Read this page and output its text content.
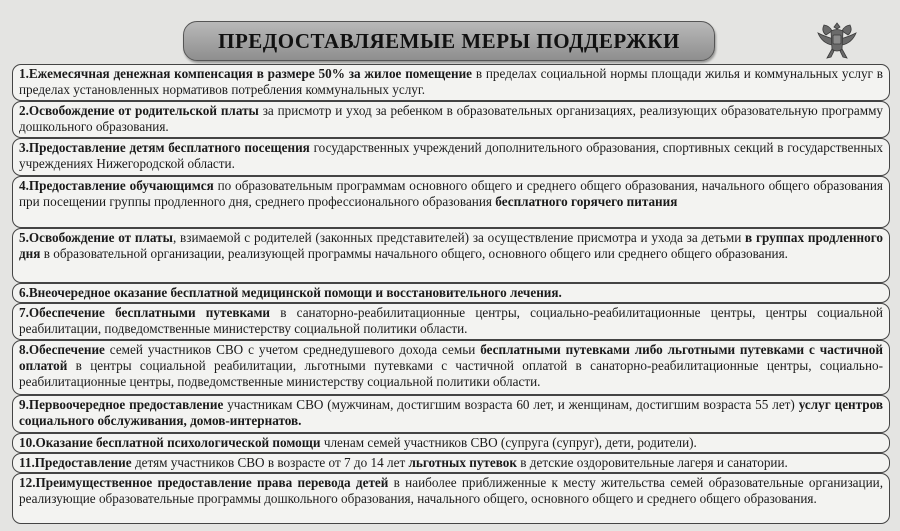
ПРЕДОСТАВЛЯЕМЫЕ МЕРЫ ПОДДЕРЖКИ
1.Ежемесячная денежная компенсация в размере 50% за жилое помещение в пределах социальной нормы площади жилья и коммунальных услуг в пределах установленных нормативов потребления коммунальных услуг.
2.Освобождение от родительской платы за присмотр и уход за ребенком в образовательных организациях, реализующих образовательную программу дошкольного образования.
3.Предоставление детям бесплатного посещения государственных учреждений дополнительного образования, спортивных секций в государственных учреждениях Нижегородской области.
4.Предоставление обучающимся по образовательным программам основного общего и среднего общего образования, начального общего образования при посещении группы продленного дня, среднего профессионального образования бесплатного горячего питания
5.Освобождение от платы, взимаемой с родителей (законных представителей) за осуществление присмотра и ухода за детьми в группах продленного дня в образовательной организации, реализующей программы начального общего, основного общего или среднего общего образования.
6.Внеочередное оказание бесплатной медицинской помощи и восстановительного лечения.
7.Обеспечение бесплатными путевками в санаторно-реабилитационные центры, социально-реабилитационные центры, центры социальной реабилитации, подведомственные министерству социальной политики области.
8.Обеспечение семей участников СВО с учетом среднедушевого дохода семьи бесплатными путевками либо льготными путевками с частичной оплатой в центры социальной реабилитации, льготными путевками с частичной оплатой в санаторно-реабилитационные центры, социально-реабилитационные центры, подведомственные министерству социальной политики области.
9.Первоочередное предоставление участникам СВО (мужчинам, достигшим возраста 60 лет, и женщинам, достигшим возраста 55 лет) услуг центров социального обслуживания, домов-интернатов.
10.Оказание бесплатной психологической помощи членам семей участников СВО (супруга (супруг), дети, родители).
11.Предоставление детям участников СВО в возрасте от 7 до 14 лет льготных путевок в детские оздоровительные лагеря и санатории.
12.Преимущественное предоставление права перевода детей в наиболее приближенные к месту жительства семей образовательные организации, реализующие образовательные программы дошкольного образования, начального общего, основного общего и среднего общего образования.
